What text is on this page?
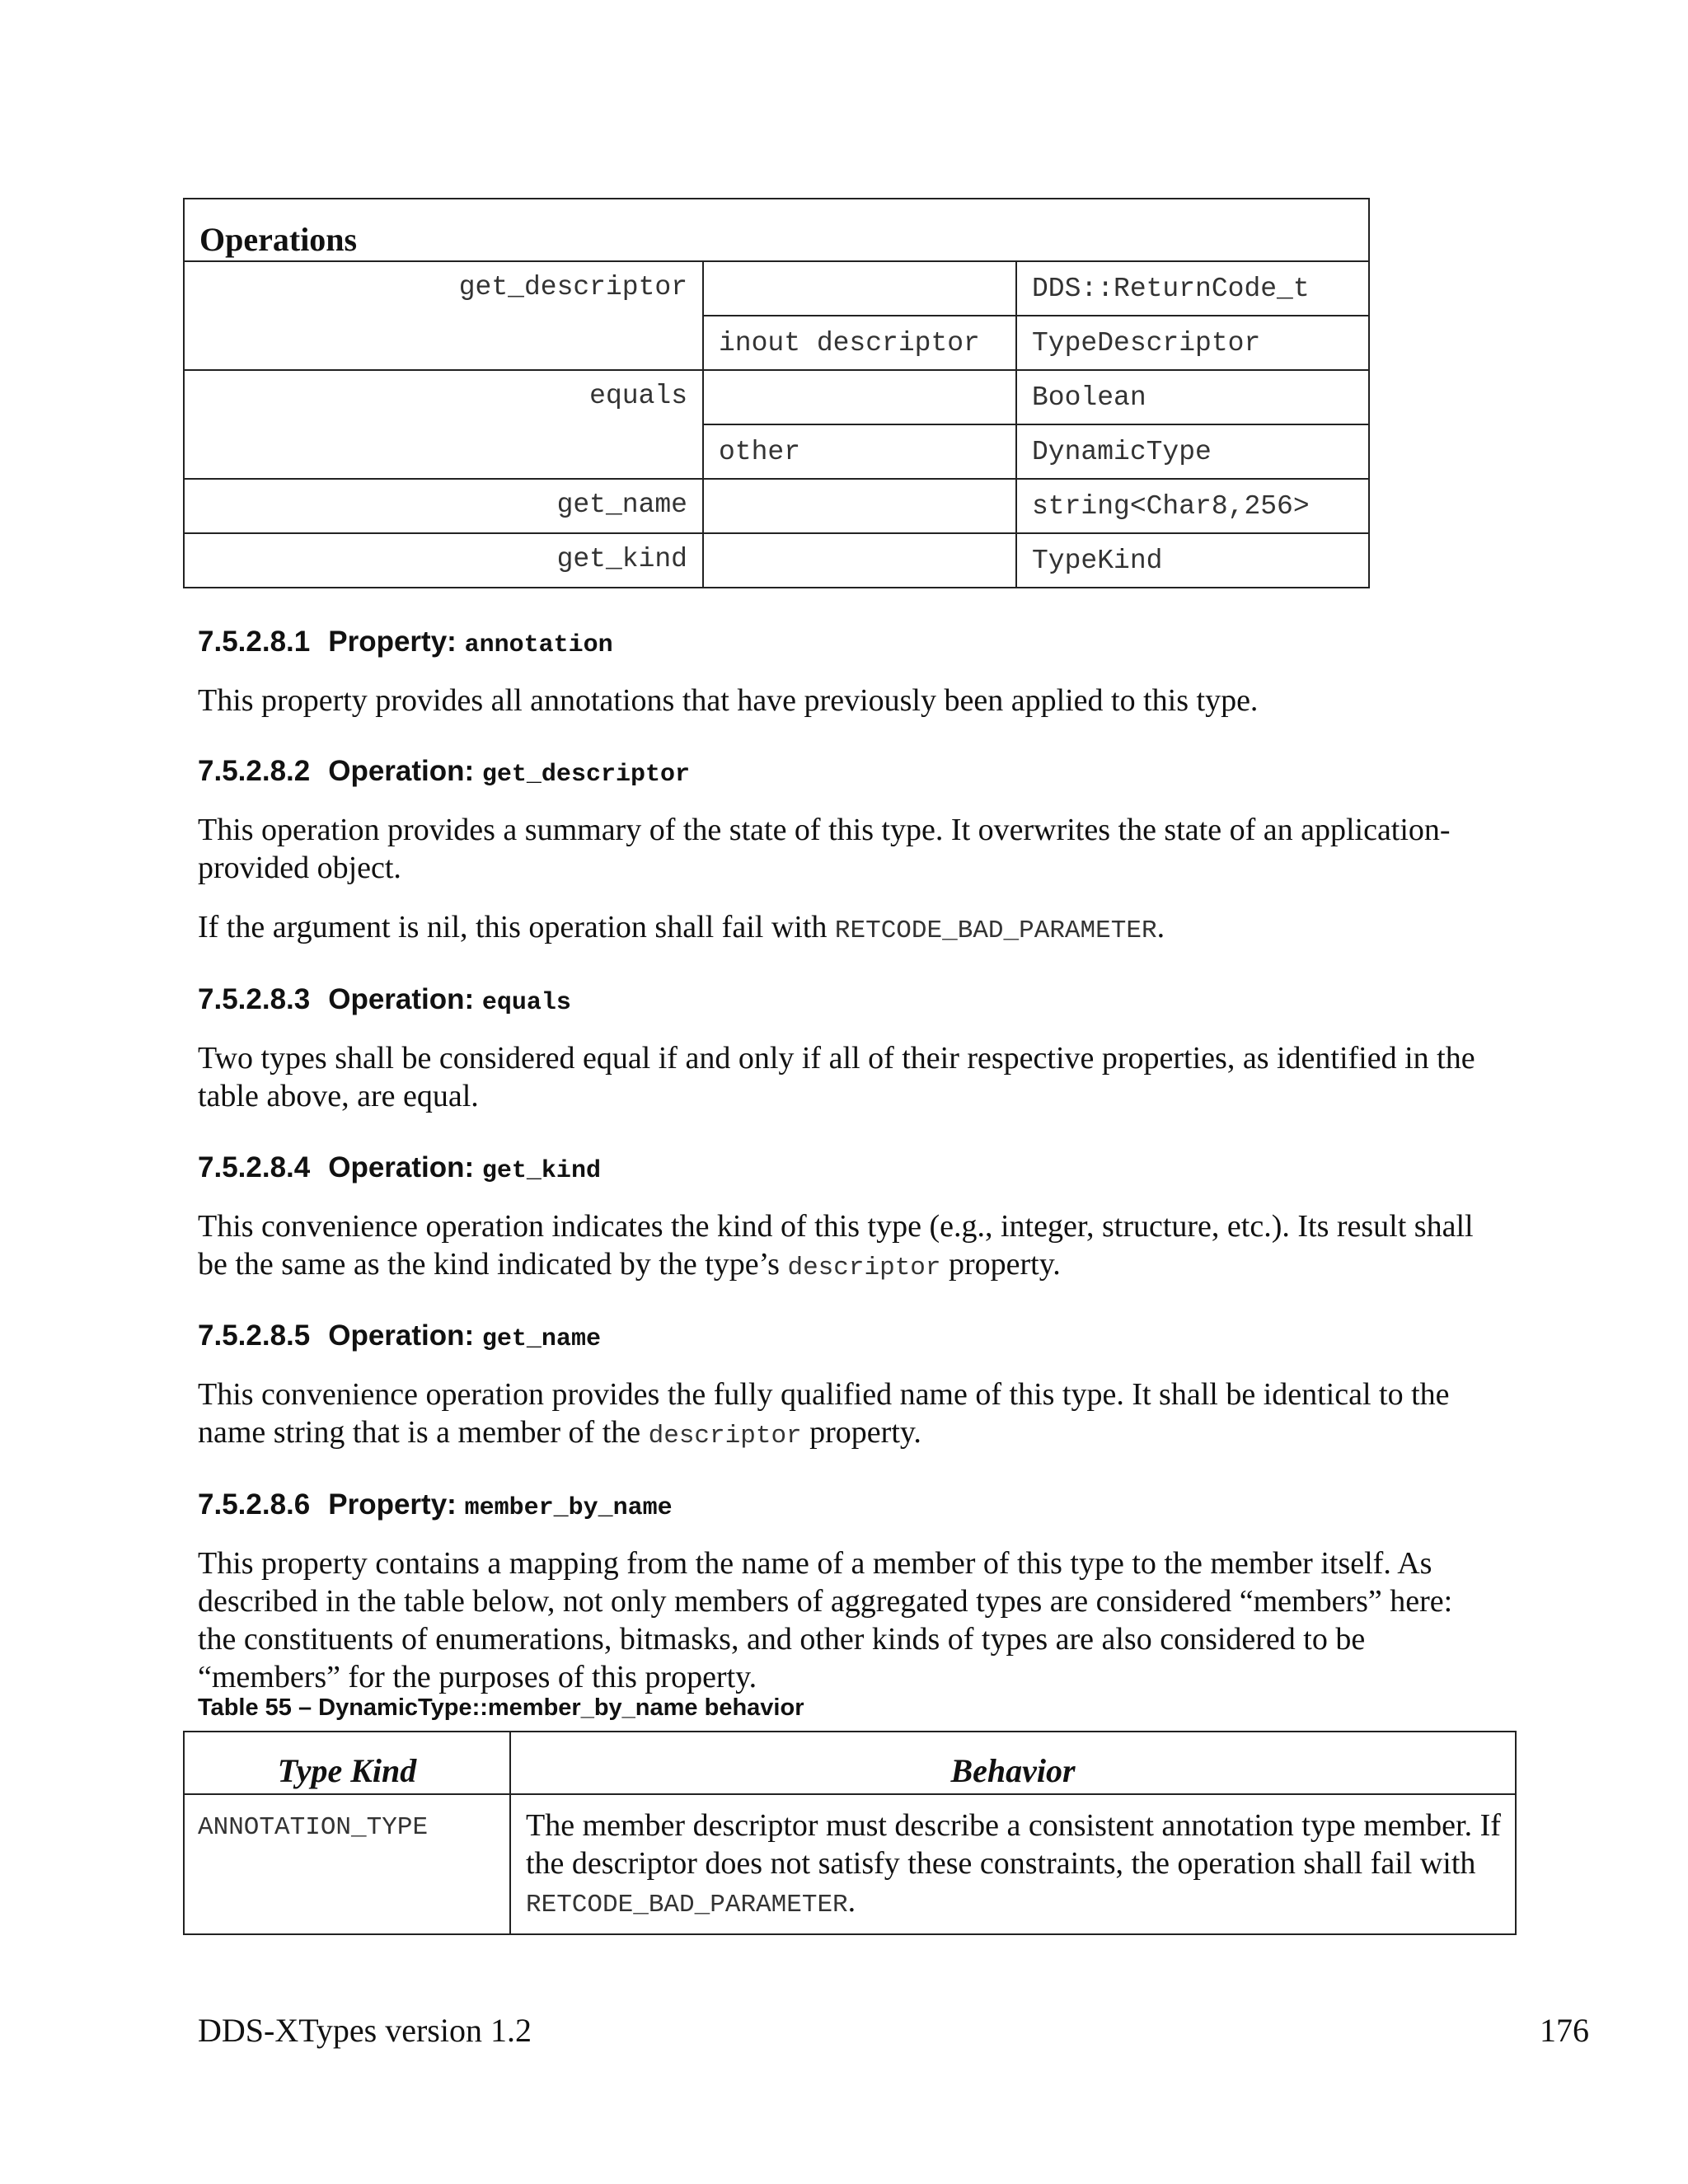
Operations		
get_descriptor		DDS::ReturnCode_t
	inout descriptor	TypeDescriptor
equals		Boolean
	other	DynamicType
get_name		string<Char8,256>
get_kind		TypeKind
7.5.2.8.1 Property: annotation

This property provides all annotations that have previously been applied to this type.

7.5.2.8.2 Operation: get_descriptor

This operation provides a summary of the state of this type. It overwrites the state of an application-provided object.

If the argument is nil, this operation shall fail with RETCODE_BAD_PARAMETER.

7.5.2.8.3 Operation: equals

Two types shall be considered equal if and only if all of their respective properties, as identified in the table above, are equal.

7.5.2.8.4 Operation: get_kind

This convenience operation indicates the kind of this type (e.g., integer, structure, etc.). Its result shall be the same as the kind indicated by the type’s descriptor property.

7.5.2.8.5 Operation: get_name

This convenience operation provides the fully qualified name of this type. It shall be identical to the name string that is a member of the descriptor property.

7.5.2.8.6 Property: member_by_name

This property contains a mapping from the name of a member of this type to the member itself. As described in the table below, not only members of aggregated types are considered “members” here: the constituents of enumerations, bitmasks, and other kinds of types are also considered to be “members” for the purposes of this property.

Table 55 – DynamicType::member_by_name behavior
Type Kind	Behavior
ANNOTATION_TYPE	The member descriptor must describe a consistent annotation type member. If the descriptor does not satisfy these constraints, the operation shall fail with RETCODE_BAD_PARAMETER.
DDS-XTypes version 1.2	176
